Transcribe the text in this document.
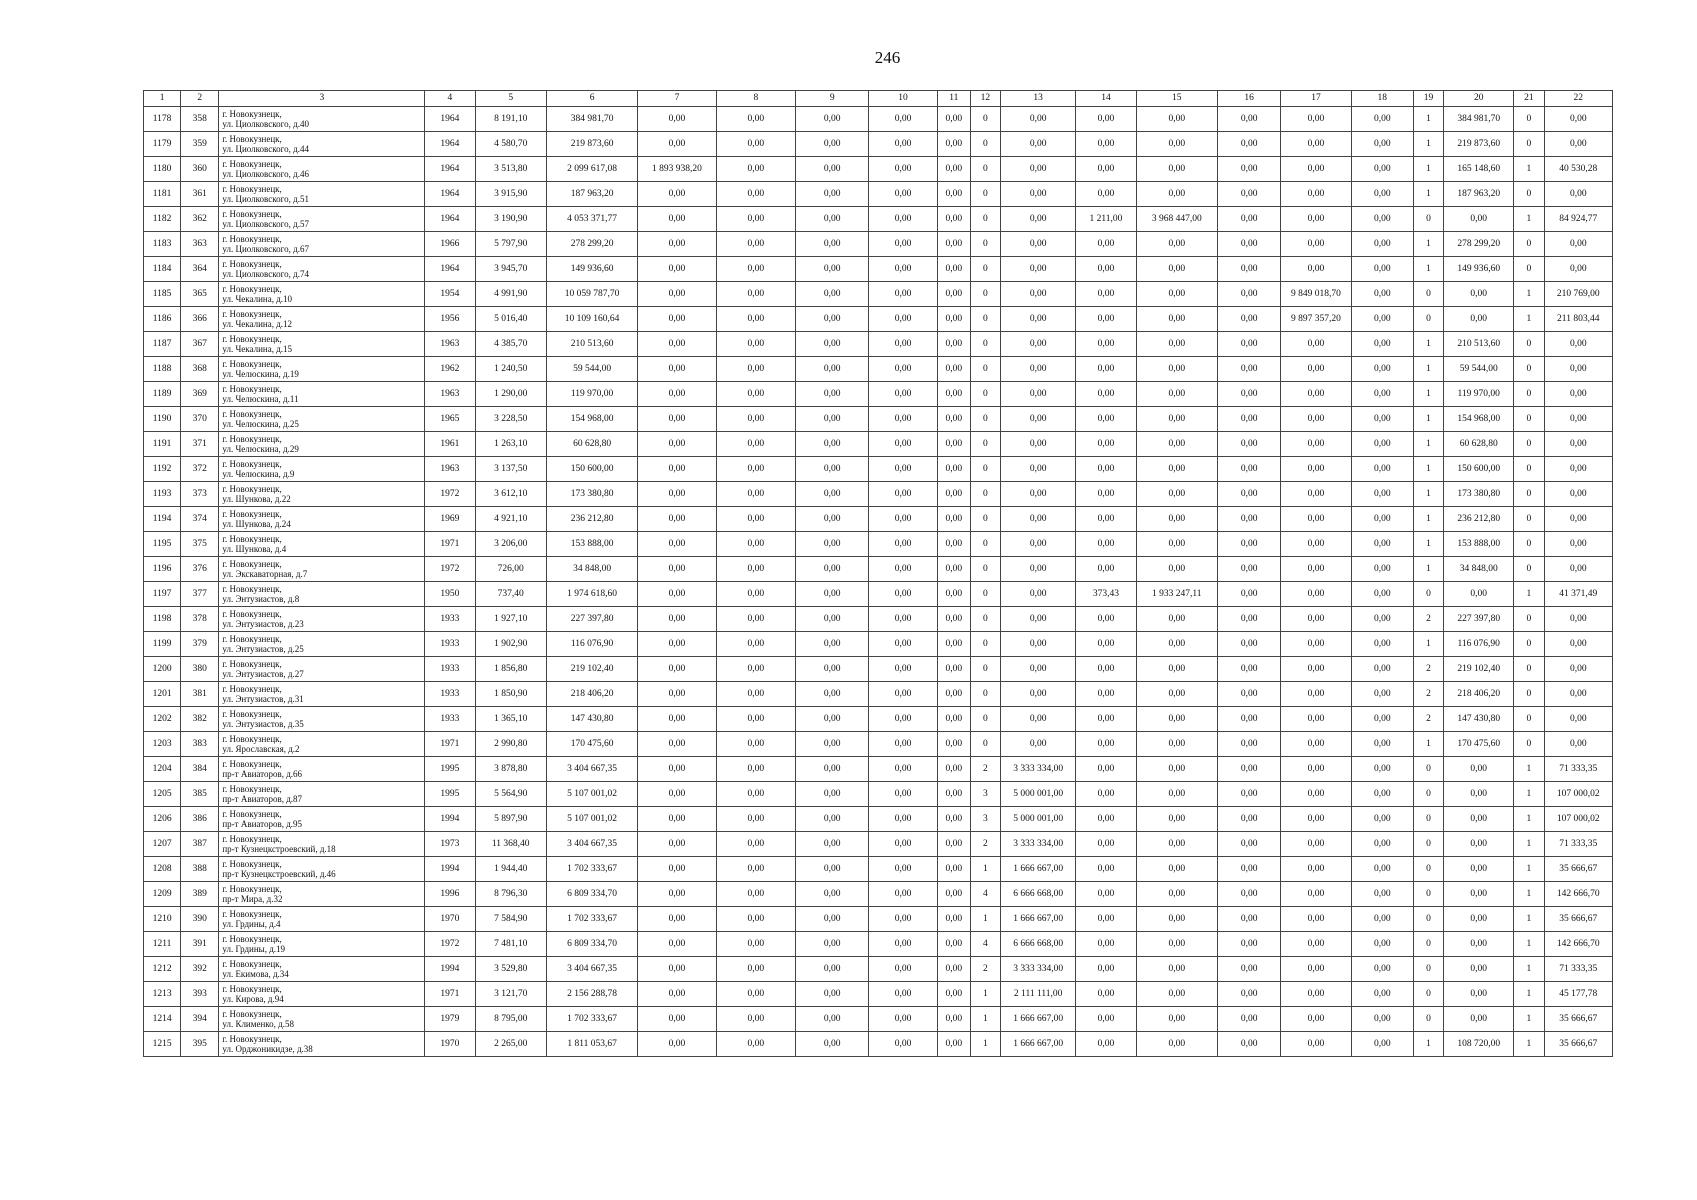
246
1	2	3	4	5	6	7	8	9	10	11	12	13	14	15	16	17	18	19	20	21	22
1178	358	г. Новокузнецк,
ул. Циолковского, д.40	1964	8 191,10	384 981,70	0,00	0,00	0,00	0,00	0,00	0	0,00	0,00	0,00	0,00	0,00	0,00	1	384 981,70	0	0,00
1179	359	г. Новокузнецк,
ул. Циолковского, д.44	1964	4 580,70	219 873,60	0,00	0,00	0,00	0,00	0,00	0	0,00	0,00	0,00	0,00	0,00	0,00	1	219 873,60	0	0,00
1180	360	г. Новокузнецк,
ул. Циолковского, д.46	1964	3 513,80	2 099 617,08	1 893 938,20	0,00	0,00	0,00	0,00	0	0,00	0,00	0,00	0,00	0,00	0,00	1	165 148,60	1	40 530,28
1181	361	г. Новокузнецк,
ул. Циолковского, д.51	1964	3 915,90	187 963,20	0,00	0,00	0,00	0,00	0,00	0	0,00	0,00	0,00	0,00	0,00	0,00	1	187 963,20	0	0,00
1182	362	г. Новокузнецк,
ул. Циолковского, д.57	1964	3 190,90	4 053 371,77	0,00	0,00	0,00	0,00	0,00	0	0,00	1 211,00	3 968 447,00	0,00	0,00	0,00	0	0,00	1	84 924,77
1183	363	г. Новокузнецк,
ул. Циолковского, д.67	1966	5 797,90	278 299,20	0,00	0,00	0,00	0,00	0,00	0	0,00	0,00	0,00	0,00	0,00	0,00	1	278 299,20	0	0,00
1184	364	г. Новокузнецк,
ул. Циолковского, д.74	1964	3 945,70	149 936,60	0,00	0,00	0,00	0,00	0,00	0	0,00	0,00	0,00	0,00	0,00	0,00	1	149 936,60	0	0,00
1185	365	г. Новокузнецк,
ул. Чекалина, д.10	1954	4 991,90	10 059 787,70	0,00	0,00	0,00	0,00	0,00	0	0,00	0,00	0,00	0,00	9 849 018,70	0,00	0	0,00	1	210 769,00
1186	366	г. Новокузнецк,
ул. Чекалина, д.12	1956	5 016,40	10 109 160,64	0,00	0,00	0,00	0,00	0,00	0	0,00	0,00	0,00	0,00	9 897 357,20	0,00	0	0,00	1	211 803,44
1187	367	г. Новокузнецк,
ул. Чекалина, д.15	1963	4 385,70	210 513,60	0,00	0,00	0,00	0,00	0,00	0	0,00	0,00	0,00	0,00	0,00	0,00	1	210 513,60	0	0,00
1188	368	г. Новокузнецк,
ул. Челюскина, д.19	1962	1 240,50	59 544,00	0,00	0,00	0,00	0,00	0,00	0	0,00	0,00	0,00	0,00	0,00	0,00	1	59 544,00	0	0,00
1189	369	г. Новокузнецк,
ул. Челюскина, д.11	1963	1 290,00	119 970,00	0,00	0,00	0,00	0,00	0,00	0	0,00	0,00	0,00	0,00	0,00	0,00	1	119 970,00	0	0,00
1190	370	г. Новокузнецк,
ул. Челюскина, д.25	1965	3 228,50	154 968,00	0,00	0,00	0,00	0,00	0,00	0	0,00	0,00	0,00	0,00	0,00	0,00	1	154 968,00	0	0,00
1191	371	г. Новокузнецк,
ул. Челюскина, д.29	1961	1 263,10	60 628,80	0,00	0,00	0,00	0,00	0,00	0	0,00	0,00	0,00	0,00	0,00	0,00	1	60 628,80	0	0,00
1192	372	г. Новокузнецк,
ул. Челюскина, д.9	1963	3 137,50	150 600,00	0,00	0,00	0,00	0,00	0,00	0	0,00	0,00	0,00	0,00	0,00	0,00	1	150 600,00	0	0,00
1193	373	г. Новокузнецк,
ул. Шункова, д.22	1972	3 612,10	173 380,80	0,00	0,00	0,00	0,00	0,00	0	0,00	0,00	0,00	0,00	0,00	0,00	1	173 380,80	0	0,00
1194	374	г. Новокузнецк,
ул. Шункова, д.24	1969	4 921,10	236 212,80	0,00	0,00	0,00	0,00	0,00	0	0,00	0,00	0,00	0,00	0,00	0,00	1	236 212,80	0	0,00
1195	375	г. Новокузнецк,
ул. Шункова, д.4	1971	3 206,00	153 888,00	0,00	0,00	0,00	0,00	0,00	0	0,00	0,00	0,00	0,00	0,00	0,00	1	153 888,00	0	0,00
1196	376	г. Новокузнецк,
ул. Экскаваторная, д.7	1972	726,00	34 848,00	0,00	0,00	0,00	0,00	0,00	0	0,00	0,00	0,00	0,00	0,00	0,00	1	34 848,00	0	0,00
1197	377	г. Новокузнецк,
ул. Энтузиастов, д.8	1950	737,40	1 974 618,60	0,00	0,00	0,00	0,00	0,00	0	0,00	373,43	1 933 247,11	0,00	0,00	0,00	0	0,00	1	41 371,49
1198	378	г. Новокузнецк,
ул. Энтузиастов, д.23	1933	1 927,10	227 397,80	0,00	0,00	0,00	0,00	0,00	0	0,00	0,00	0,00	0,00	0,00	0,00	2	227 397,80	0	0,00
1199	379	г. Новокузнецк,
ул. Энтузиастов, д.25	1933	1 902,90	116 076,90	0,00	0,00	0,00	0,00	0,00	0	0,00	0,00	0,00	0,00	0,00	0,00	1	116 076,90	0	0,00
1200	380	г. Новокузнецк,
ул. Энтузиастов, д.27	1933	1 856,80	219 102,40	0,00	0,00	0,00	0,00	0,00	0	0,00	0,00	0,00	0,00	0,00	0,00	2	219 102,40	0	0,00
1201	381	г. Новокузнецк,
ул. Энтузиастов, д.31	1933	1 850,90	218 406,20	0,00	0,00	0,00	0,00	0,00	0	0,00	0,00	0,00	0,00	0,00	0,00	2	218 406,20	0	0,00
1202	382	г. Новокузнецк,
ул. Энтузиастов, д.35	1933	1 365,10	147 430,80	0,00	0,00	0,00	0,00	0,00	0	0,00	0,00	0,00	0,00	0,00	0,00	2	147 430,80	0	0,00
1203	383	г. Новокузнецк,
ул. Ярославская, д.2	1971	2 990,80	170 475,60	0,00	0,00	0,00	0,00	0,00	0	0,00	0,00	0,00	0,00	0,00	0,00	1	170 475,60	0	0,00
1204	384	г. Новокузнецк,
пр-т Авиаторов, д.66	1995	3 878,80	3 404 667,35	0,00	0,00	0,00	0,00	0,00	2	3 333 334,00	0,00	0,00	0,00	0,00	0,00	0	0,00	1	71 333,35
1205	385	г. Новокузнецк,
пр-т Авиаторов, д.87	1995	5 564,90	5 107 001,02	0,00	0,00	0,00	0,00	0,00	3	5 000 001,00	0,00	0,00	0,00	0,00	0,00	0	0,00	1	107 000,02
1206	386	г. Новокузнецк,
пр-т Авиаторов, д.95	1994	5 897,90	5 107 001,02	0,00	0,00	0,00	0,00	0,00	3	5 000 001,00	0,00	0,00	0,00	0,00	0,00	0	0,00	1	107 000,02
1207	387	г. Новокузнецк,
пр-т Кузнецкстроевский, д.18	1973	11 368,40	3 404 667,35	0,00	0,00	0,00	0,00	0,00	2	3 333 334,00	0,00	0,00	0,00	0,00	0,00	0	0,00	1	71 333,35
1208	388	г. Новокузнецк,
пр-т Кузнецкстроевский, д.46	1994	1 944,40	1 702 333,67	0,00	0,00	0,00	0,00	0,00	1	1 666 667,00	0,00	0,00	0,00	0,00	0,00	0	0,00	1	35 666,67
1209	389	г. Новокузнецк,
пр-т Мира, д.32	1996	8 796,30	6 809 334,70	0,00	0,00	0,00	0,00	0,00	4	6 666 668,00	0,00	0,00	0,00	0,00	0,00	0	0,00	1	142 666,70
1210	390	г. Новокузнецк,
ул. Грдины, д.4	1970	7 584,90	1 702 333,67	0,00	0,00	0,00	0,00	0,00	1	1 666 667,00	0,00	0,00	0,00	0,00	0,00	0	0,00	1	35 666,67
1211	391	г. Новокузнецк,
ул. Грдины, д.19	1972	7 481,10	6 809 334,70	0,00	0,00	0,00	0,00	0,00	4	6 666 668,00	0,00	0,00	0,00	0,00	0,00	0	0,00	1	142 666,70
1212	392	г. Новокузнецк,
ул. Екимова, д.34	1994	3 529,80	3 404 667,35	0,00	0,00	0,00	0,00	0,00	2	3 333 334,00	0,00	0,00	0,00	0,00	0,00	0	0,00	1	71 333,35
1213	393	г. Новокузнецк,
ул. Кирова, д.94	1971	3 121,70	2 156 288,78	0,00	0,00	0,00	0,00	0,00	1	2 111 111,00	0,00	0,00	0,00	0,00	0,00	0	0,00	1	45 177,78
1214	394	г. Новокузнецк,
ул. Клименко, д.58	1979	8 795,00	1 702 333,67	0,00	0,00	0,00	0,00	0,00	1	1 666 667,00	0,00	0,00	0,00	0,00	0,00	0	0,00	1	35 666,67
1215	395	г. Новокузнецк,
ул. Орджоникидзе, д.38	1970	2 265,00	1 811 053,67	0,00	0,00	0,00	0,00	0,00	1	1 666 667,00	0,00	0,00	0,00	0,00	0,00	1	108 720,00	1	35 666,67
